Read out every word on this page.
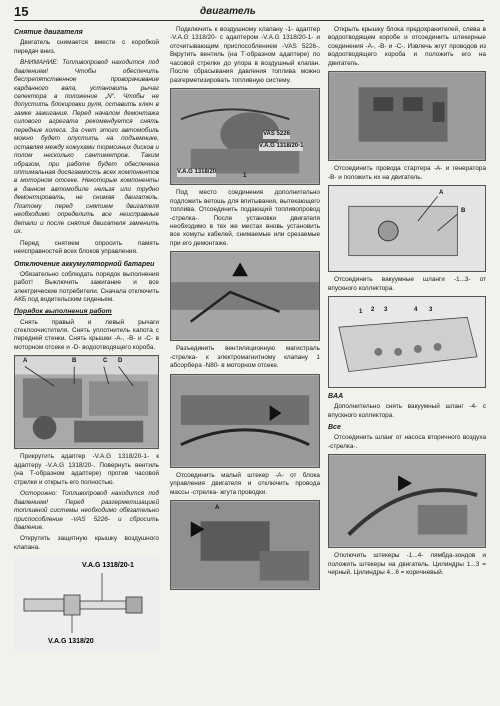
15	двигатель
Снятие двигателя

Двигатель снимается вместе с коробкой передач вниз.

ВНИМАНИЕ: Топливопровод находится под давлением! Чтобы обеспечить беспрепятственное проворачивание карданного вала, установить рычаг селектора в положение „N“. Чтобы не допустить блокировки руля, оставить ключ в замке зажигания. Перед началом демонтажа силового агрегата рекомендуется снять передние колеса. За счет этого автомобиль можно будет опустить на подъемнике, оставляя между кожухами тормозных дисков и полом несколько сантиметров. Таким образом, при работе будет обеспечена оптимальная досягаемость всех компонентов в моторном отсеке. Некоторые компоненты в данном автомобиле нельзя или трудно демонтировать, не снимая двигатель. Поэтому перед снятием двигателя необходимо определить все неисправные детали и после снятия двигателя заменить их.

Перед снятием опросить память неисправностей всех блоков управления.

Отключение аккумуляторной батареи

Обязательно соблюдать порядок выполнения работ! Выключить зажигание и все электрические потребители. Сначала отключить АКБ под водительским сиденьем.

Порядок выполнения работ

Снять правый и левый рычаги стеклоочистителя. Снять уплотнитель капота с передней стенки. Снять крышки -А-, -В- и -С- в моторном отсеке и -D- водоотводящего короба.

A	B	C D

Прикрутить адаптер -V.A.G 1318/20-1- к адаптеру -V.A.G 1318/20-. Повернуть вентиль (на Т-образном адаптере) против часовой стрелки и открыть его полностью.

Осторожно: Топливопровод находится под давлением! Перед разгерметизацией топливной системы необходимо обязательно приспособление -VAS 5226- и сбросить давление.

Открутить защитную крышку воздушного клапана.

V.A.G 1318/20-1
V.A.G 1318/20

Подключить к воздушному клапану -1- адаптер -V.A.G 1318/20- с адаптером -V.A.G 1318/20-1- и отсчитывающим приспособлением -VAS 5226-. Вкрутить вентиль (на Т-образном адаптере) по часовой стрелке до упора в воздушный клапан. После сбрасывания давления топлива можно разгерметизировать топливную систему.

VAS 5226
V.A.G 1318/20-1
V.A.G 1318/20
1

Под место соединения дополнительно подложить ветошь для впитывания, вытекающего топлива. Отсоединить подающий топливопровод -стрелка-. После установки двигателя необходимо в тех же местах вновь установить все хомуты кабелей, снимаемые или срезаемые при его демонтаже.

Разъединить вентиляционную магистраль -стрелка- к электромагнитному клапану 1 абсорбера -N80- в моторном отсеке.

Отсоединить малый штекер -А- от блока управления двигателя и отключить провода массы -стрелка- жгута проводки.

A

Открыть крышку блока предохранителей, слева в водоотводящем коробе и отсоединить штекерные соединения -А-, -В- и -С-. Извлечь жгут проводов из водоотводящего короба и положить его на двигатель.

Отсоединить провода стартера -А- и генератора -В- и положить их на двигатель.

A
B

Отсоединить вакуумные шланги -1...3- от впускного коллектора.

1 2 3	4 3
BAA

Дополнительно снять вакуумный шланг -4- с впускного коллектора.

Все

Отсоединить шланг от насоса вторичного воздуха -стрелка-.

Отключить штекеры -1...4- лямбда-зондов и положить штекеры на двигатель. Цилиндры 1...3 = черный. Цилиндры 4...6 = коричневый.
